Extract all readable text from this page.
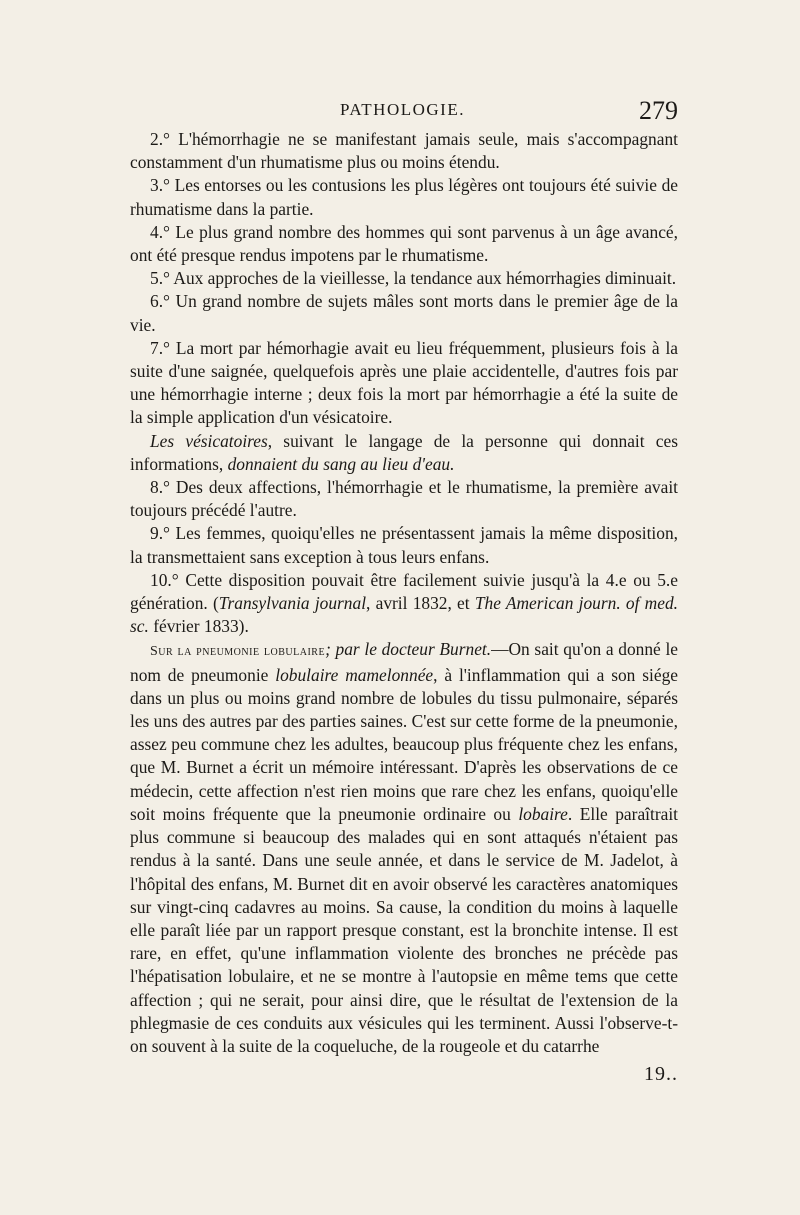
PATHOLOGIE.	279

2.° L'hémorrhagie ne se manifestant jamais seule, mais s'accompagnant constamment d'un rhumatisme plus ou moins étendu.

3.° Les entorses ou les contusions les plus légères ont toujours été suivie de rhumatisme dans la partie.

4.° Le plus grand nombre des hommes qui sont parvenus à un âge avancé, ont été presque rendus impotens par le rhumatisme.

5.° Aux approches de la vieillesse, la tendance aux hémorrhagies diminuait.

6.° Un grand nombre de sujets mâles sont morts dans le premier âge de la vie.

7.° La mort par hémorhagie avait eu lieu fréquemment, plusieurs fois à la suite d'une saignée, quelquefois après une plaie accidentelle, d'autres fois par une hémorrhagie interne ; deux fois la mort par hémorrhagie a été la suite de la simple application d'un vésicatoire.

Les vésicatoires, suivant le langage de la personne qui donnait ces informations, donnaient du sang au lieu d'eau.

8.° Des deux affections, l'hémorrhagie et le rhumatisme, la première avait toujours précédé l'autre.

9.° Les femmes, quoiqu'elles ne présentassent jamais la même disposition, la transmettaient sans exception à tous leurs enfans.

10.° Cette disposition pouvait être facilement suivie jusqu'à la 4.e ou 5.e génération. (Transylvania journal, avril 1832, et The American journ. of med. sc. février 1833).

Sur la pneumonie lobulaire; par le docteur Burnet.—On sait qu'on a donné le nom de pneumonie lobulaire mamelonnée, à l'inflammation qui a son siége dans un plus ou moins grand nombre de lobules du tissu pulmonaire, séparés les uns des autres par des parties saines. C'est sur cette forme de la pneumonie, assez peu commune chez les adultes, beaucoup plus fréquente chez les enfans, que M. Burnet a écrit un mémoire intéressant. D'après les observations de ce médecin, cette affection n'est rien moins que rare chez les enfans, quoiqu'elle soit moins fréquente que la pneumonie ordinaire ou lobaire. Elle paraîtrait plus commune si beaucoup des malades qui en sont attaqués n'étaient pas rendus à la santé. Dans une seule année, et dans le service de M. Jadelot, à l'hôpital des enfans, M. Burnet dit en avoir observé les caractères anatomiques sur vingt-cinq cadavres au moins. Sa cause, la condition du moins à laquelle elle paraît liée par un rapport presque constant, est la bronchite intense. Il est rare, en effet, qu'une inflammation violente des bronches ne précède pas l'hépatisation lobulaire, et ne se montre à l'autopsie en même tems que cette affection ; qui ne serait, pour ainsi dire, que le résultat de l'extension de la phlegmasie de ces conduits aux vésicules qui les terminent. Aussi l'observe-t-on souvent à la suite de la coqueluche, de la rougeole et du catarrhe

19..
